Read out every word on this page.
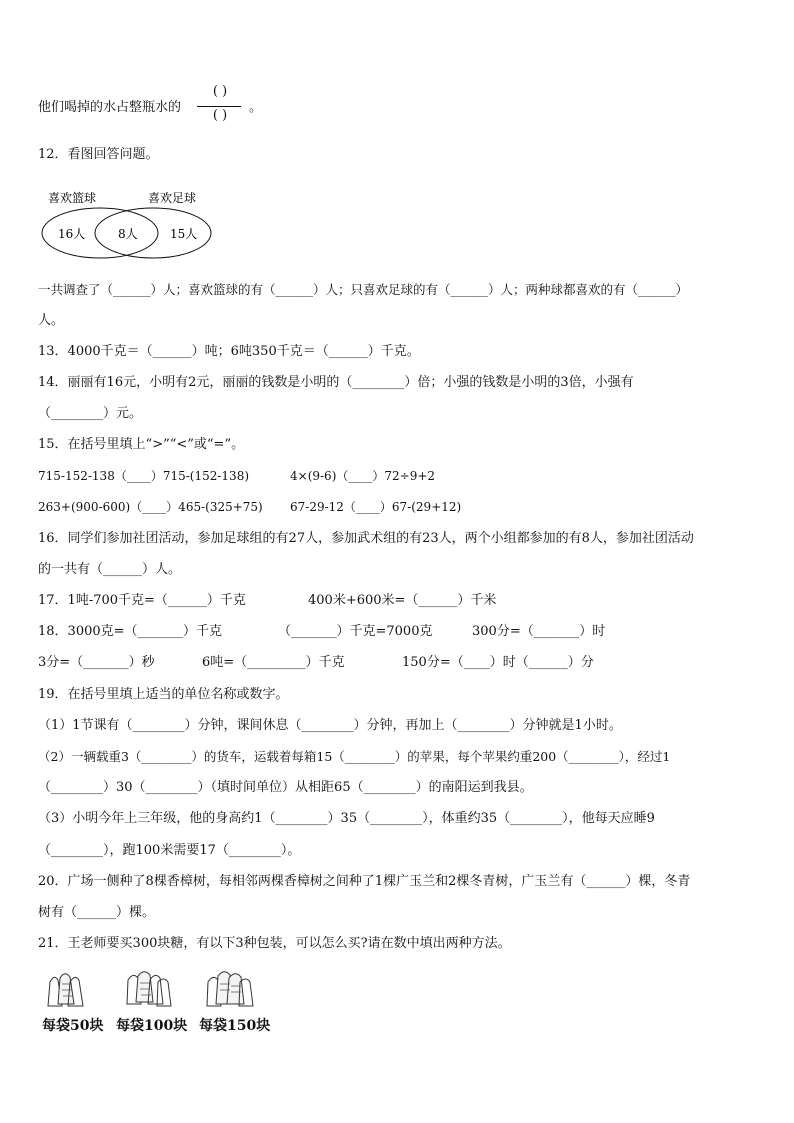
他们喝掉的水占整瓶水的
( )
( )
。
12．看图回答问题。
喜欢篮球	喜欢足球
16人	8人	15人
一共调查了（______）人；喜欢篮球的有（______）人；只喜欢足球的有（______）人；两种球都喜欢的有（______）
人。
13．4000千克＝（______）吨；6吨350千克＝（______）千克。
14．丽丽有16元，小明有2元，丽丽的钱数是小明的（________）倍；小强的钱数是小明的3倍，小强有
（________）元。
15．在括号里填上“>”“<”或“=”。
715-152-138（____）715-(152-138)	4×(9-6)（____）72÷9+2
263+(900-600)（____）465-(325+75) 67-29-12（____）67-(29+12)
16．同学们参加社团活动，参加足球组的有27人，参加武术组的有23人，两个小组都参加的有8人，参加社团活动
的一共有（______）人。
17．1吨-700千克=（______）千克	400米+600米=（______）千米
18．3000克=（_______）千克	（_______）千克=7000克	300分=（_______）时
3分=（_______）秒	6吨=（_________）千克	150分=（____）时（______）分
19．在括号里填上适当的单位名称或数字。
（1）1节课有（________）分钟，课间休息（________）分钟，再加上（________）分钟就是1小时。
（2）一辆载重3（________）的货车，运载着每箱15（________）的苹果，每个苹果约重200（________），经过1
（________）30（________）（填时间单位）从相距65（________）的南阳运到我县。
（3）小明今年上三年级，他的身高约1（________）35（________），体重约35（________），他每天应睡9
（________），跑100米需要17（________）。
20．广场一侧种了8棵香樟树，每相邻两棵香樟树之间种了1棵广玉兰和2棵冬青树，广玉兰有（______）棵，冬青
树有（______）棵。
21．王老师要买300块糖，有以下3种包装，可以怎么买?请在数中填出两种方法。
每袋50块 每袋100块 每袋150块
